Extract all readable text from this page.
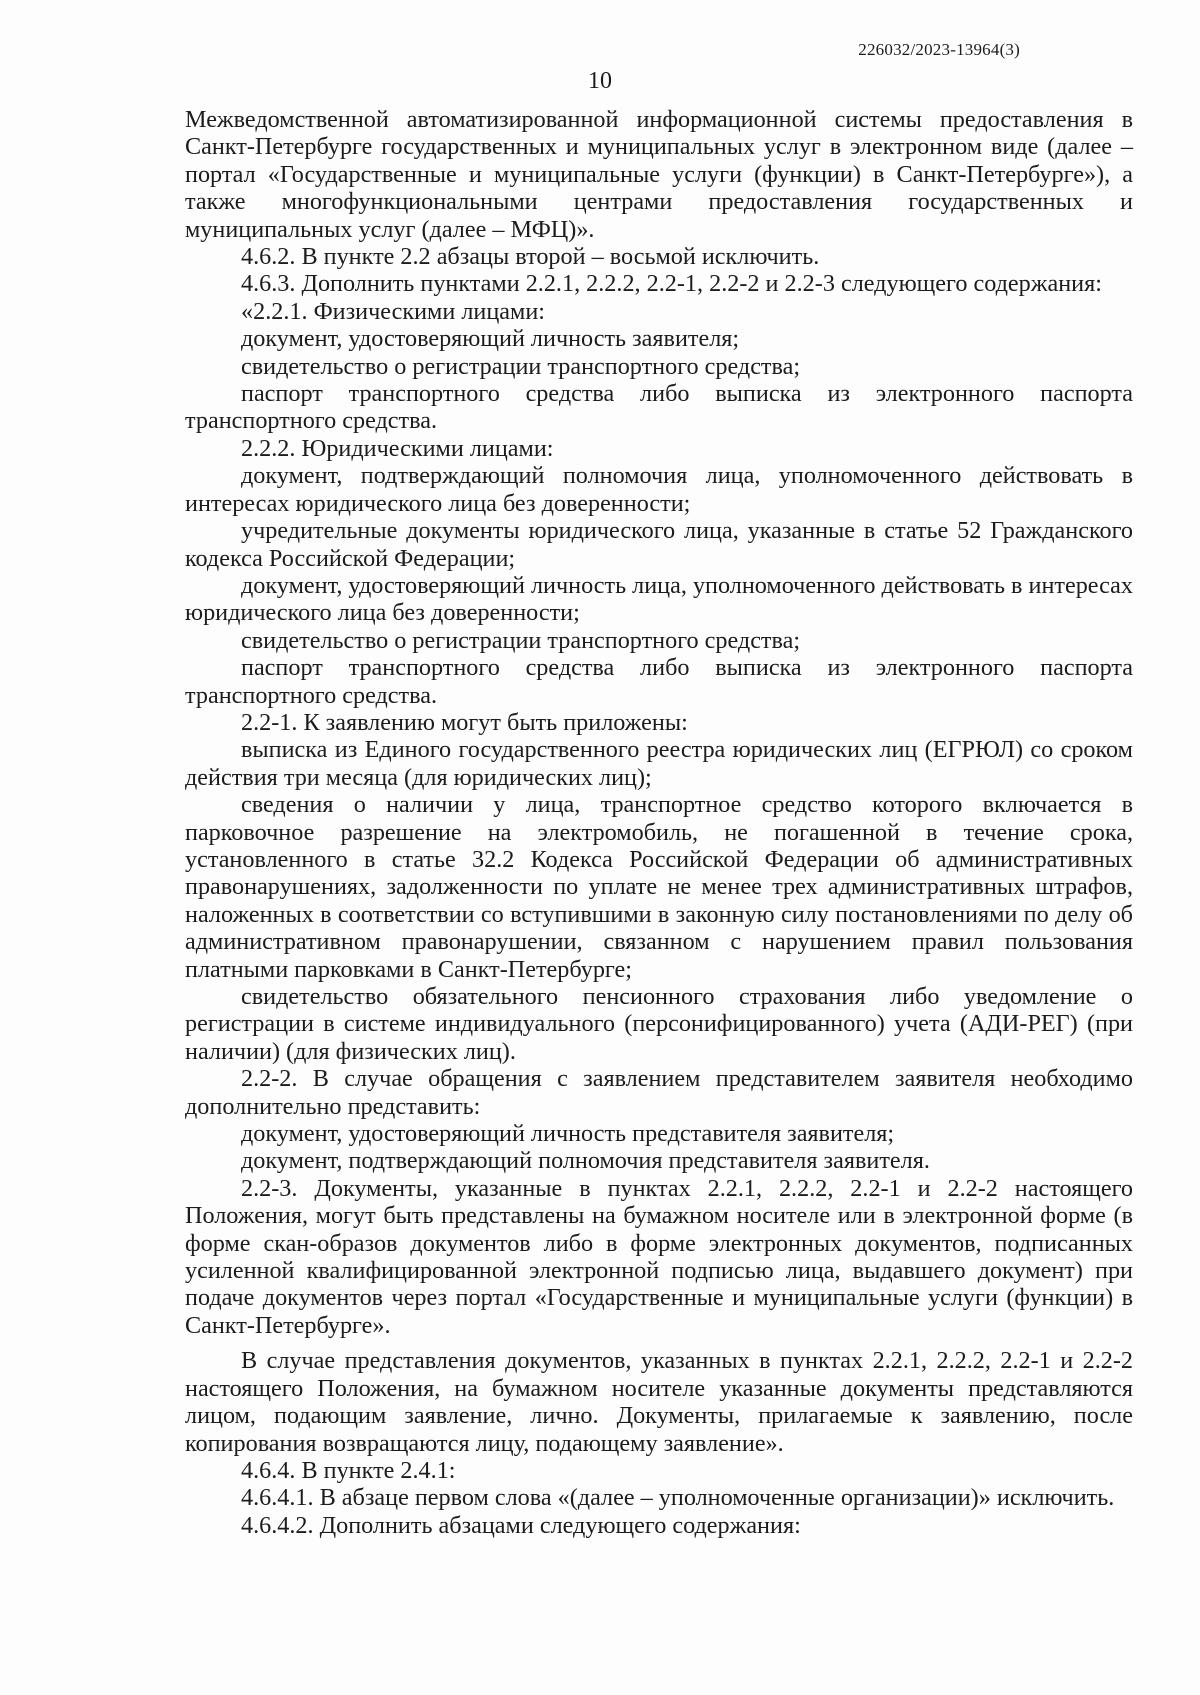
226032/2023-13964(3)
10

Межведомственной автоматизированной информационной системы предоставления в Санкт-Петербурге государственных и муниципальных услуг в электронном виде (далее – портал «Государственные и муниципальные услуги (функции) в Санкт-Петербурге»), а также многофункциональными центрами предоставления государственных и муниципальных услуг (далее – МФЦ)».

4.6.2. В пункте 2.2 абзацы второй – восьмой исключить.

4.6.3. Дополнить пунктами 2.2.1, 2.2.2, 2.2-1, 2.2-2 и 2.2-3 следующего содержания:

«2.2.1. Физическими лицами:

документ, удостоверяющий личность заявителя;

свидетельство о регистрации транспортного средства;

паспорт транспортного средства либо выписка из электронного паспорта транспортного средства.

2.2.2. Юридическими лицами:

документ, подтверждающий полномочия лица, уполномоченного действовать в интересах юридического лица без доверенности;

учредительные документы юридического лица, указанные в статье 52 Гражданского кодекса Российской Федерации;

документ, удостоверяющий личность лица, уполномоченного действовать в интересах юридического лица без доверенности;

свидетельство о регистрации транспортного средства;

паспорт транспортного средства либо выписка из электронного паспорта транспортного средства.

2.2-1. К заявлению могут быть приложены:

выписка из Единого государственного реестра юридических лиц (ЕГРЮЛ) со сроком действия три месяца (для юридических лиц);

сведения о наличии у лица, транспортное средство которого включается в парковочное разрешение на электромобиль, не погашенной в течение срока, установленного в статье 32.2 Кодекса Российской Федерации об административных правонарушениях, задолженности по уплате не менее трех административных штрафов, наложенных в соответствии со вступившими в законную силу постановлениями по делу об административном правонарушении, связанном с нарушением правил пользования платными парковками в Санкт-Петербурге;

свидетельство обязательного пенсионного страхования либо уведомление о регистрации в системе индивидуального (персонифицированного) учета (АДИ-РЕГ) (при наличии) (для физических лиц).

2.2-2. В случае обращения с заявлением представителем заявителя необходимо дополнительно представить:

документ, удостоверяющий личность представителя заявителя;

документ, подтверждающий полномочия представителя заявителя.

2.2-3. Документы, указанные в пунктах 2.2.1, 2.2.2, 2.2-1 и 2.2-2 настоящего Положения, могут быть представлены на бумажном носителе или в электронной форме (в форме скан-образов документов либо в форме электронных документов, подписанных усиленной квалифицированной электронной подписью лица, выдавшего документ) при подаче документов через портал «Государственные и муниципальные услуги (функции) в Санкт-Петербурге».

В случае представления документов, указанных в пунктах 2.2.1, 2.2.2, 2.2-1 и 2.2-2 настоящего Положения, на бумажном носителе указанные документы представляются лицом, подающим заявление, лично. Документы, прилагаемые к заявлению, после копирования возвращаются лицу, подающему заявление».

4.6.4. В пункте 2.4.1:

4.6.4.1. В абзаце первом слова «(далее – уполномоченные организации)» исключить.

4.6.4.2. Дополнить абзацами следующего содержания:
